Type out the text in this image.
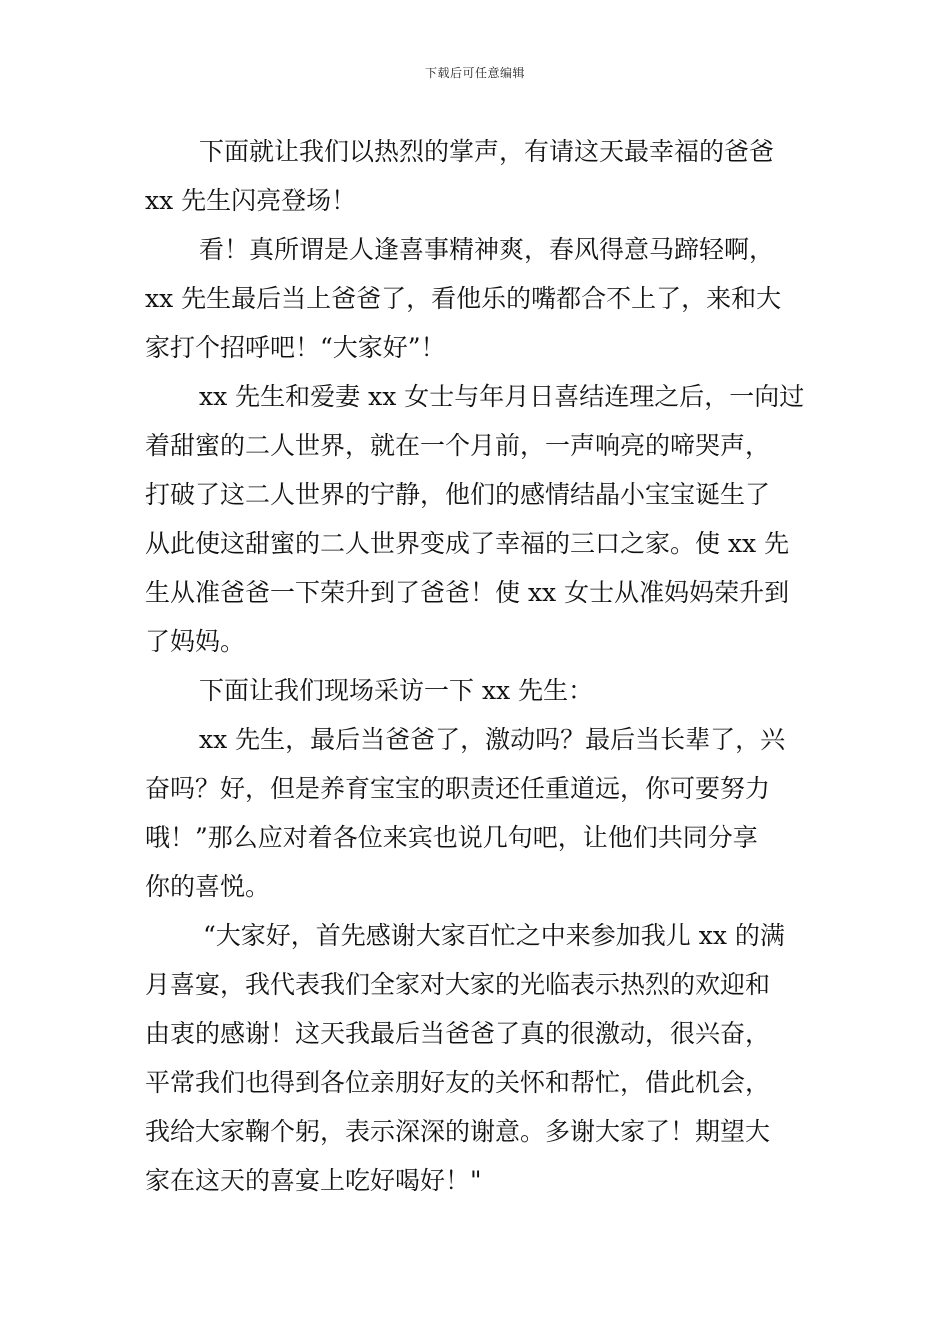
下载后可任意编辑
下面就让我们以热烈的掌声，有请这天最幸福的爸爸
xx 先生闪亮登场！
看！真所谓是人逢喜事精神爽，春风得意马蹄轻啊，
xx 先生最后当上爸爸了，看他乐的嘴都合不上了，来和大
家打个招呼吧！“大家好”！
xx 先生和爱妻 xx 女士与年月日喜结连理之后，一向过
着甜蜜的二人世界，就在一个月前，一声响亮的啼哭声，
打破了这二人世界的宁静，他们的感情结晶小宝宝诞生了
从此使这甜蜜的二人世界变成了幸福的三口之家。使 xx 先
生从准爸爸一下荣升到了爸爸！使 xx 女士从准妈妈荣升到
了妈妈。
下面让我们现场采访一下 xx 先生：
xx 先生，最后当爸爸了，激动吗？最后当长辈了，兴
奋吗？好，但是养育宝宝的职责还任重道远，你可要努力
哦！”那么应对着各位来宾也说几句吧，让他们共同分享
你的喜悦。
“大家好，首先感谢大家百忙之中来参加我儿 xx 的满
月喜宴，我代表我们全家对大家的光临表示热烈的欢迎和
由衷的感谢！这天我最后当爸爸了真的很激动，很兴奋，
平常我们也得到各位亲朋好友的关怀和帮忙，借此机会，
我给大家鞠个躬，表示深深的谢意。多谢大家了！期望大
家在这天的喜宴上吃好喝好！"
